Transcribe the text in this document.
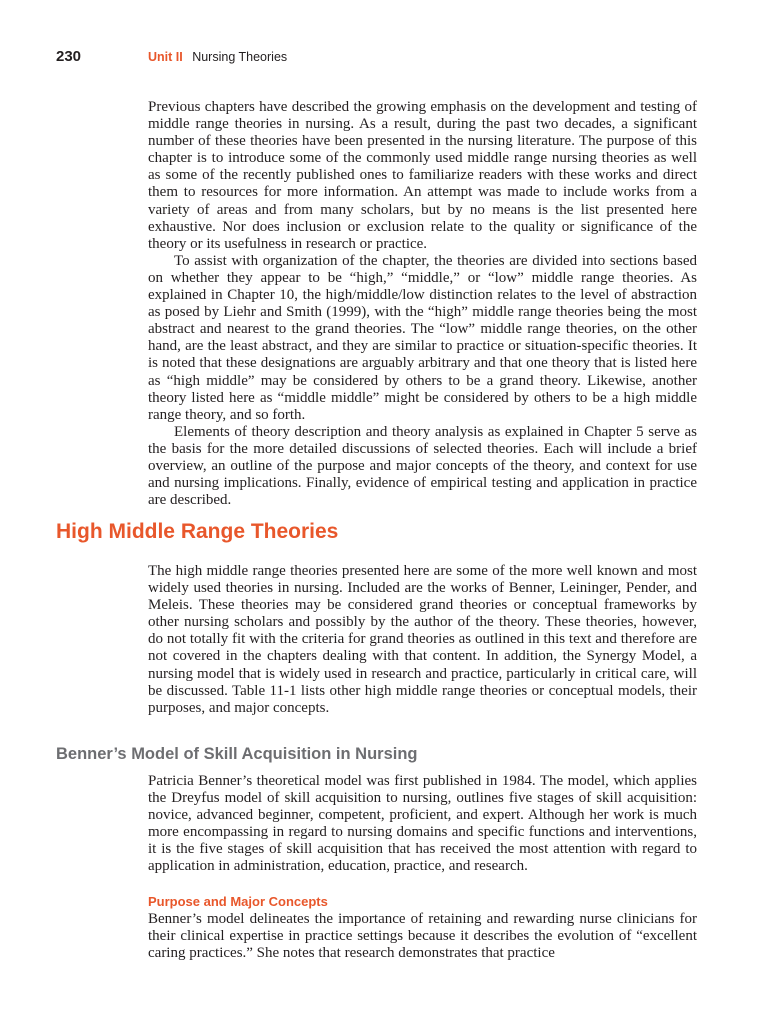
230	Unit II Nursing Theories

Previous chapters have described the growing emphasis on the development and testing of middle range theories in nursing. As a result, during the past two decades, a significant number of these theories have been presented in the nursing literature. The purpose of this chapter is to introduce some of the commonly used middle range nursing theories as well as some of the recently published ones to familiarize readers with these works and direct them to resources for more information. An attempt was made to include works from a variety of areas and from many scholars, but by no means is the list presented here exhaustive. Nor does inclusion or exclusion relate to the quality or significance of the theory or its usefulness in research or practice.

To assist with organization of the chapter, the theories are divided into sections based on whether they appear to be “high,” “middle,” or “low” middle range theories. As explained in Chapter 10, the high/middle/low distinction relates to the level of abstraction as posed by Liehr and Smith (1999), with the “high” middle range theories being the most abstract and nearest to the grand theories. The “low” middle range theories, on the other hand, are the least abstract, and they are similar to practice or situation-specific theories. It is noted that these designations are arguably arbitrary and that one theory that is listed here as “high middle” may be considered by others to be a grand theory. Likewise, another theory listed here as “middle middle” might be considered by others to be a high middle range theory, and so forth.

Elements of theory description and theory analysis as explained in Chapter 5 serve as the basis for the more detailed discussions of selected theories. Each will include a brief overview, an outline of the purpose and major concepts of the theory, and context for use and nursing implications. Finally, evidence of empirical testing and application in practice are described.

High Middle Range Theories

The high middle range theories presented here are some of the more well known and most widely used theories in nursing. Included are the works of Benner, Leininger, Pender, and Meleis. These theories may be considered grand theories or conceptual frameworks by other nursing scholars and possibly by the author of the theory. These theories, however, do not totally fit with the criteria for grand theories as outlined in this text and therefore are not covered in the chapters dealing with that content. In addition, the Synergy Model, a nursing model that is widely used in research and practice, particularly in critical care, will be discussed. Table 11-1 lists other high middle range theories or conceptual models, their purposes, and major concepts.

Benner’s Model of Skill Acquisition in Nursing

Patricia Benner’s theoretical model was first published in 1984. The model, which applies the Dreyfus model of skill acquisition to nursing, outlines five stages of skill acquisition: novice, advanced beginner, competent, proficient, and expert. Although her work is much more encompassing in regard to nursing domains and specific functions and interventions, it is the five stages of skill acquisition that has received the most attention with regard to application in administration, education, practice, and research.

Purpose and Major Concepts

Benner’s model delineates the importance of retaining and rewarding nurse clinicians for their clinical expertise in practice settings because it describes the evolution of “excellent caring practices.” She notes that research demonstrates that practice
